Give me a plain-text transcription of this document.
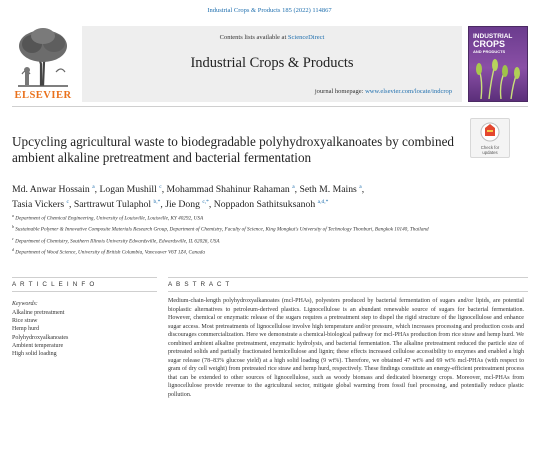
Industrial Crops & Products 185 (2022) 114867
ELSEVIER
Contents lists available at ScienceDirect
Industrial Crops & Products
journal homepage: www.elsevier.com/locate/indcrop
INDUSTRIAL
CROPS
AND PRODUCTS
Upcycling agricultural waste to biodegradable polyhydroxyalkanoates by combined ambient alkaline pretreatment and bacterial fermentation
Check for
updates
Md. Anwar Hossain $^a$, Logan Mushill $^c$, Mohammad Shahinur Rahaman $^a$, Seth M. Mains $^a$,
Tasia Vickers $^c$, Sarttrawut Tulaphol $^{b,*}$, Jie Dong $^{c,*}$, Noppadon Sathitsuksanoh $^{a,d,*}$
$^a$ Department of Chemical Engineering, University of Louisville, Louisville, KY 40292, USA
$^b$ Sustainable Polymer & Innovative Composite Materials Research Group, Department of Chemistry, Faculty of Science, King Mongkut's University of Technology Thonburi, Bangkok 10140, Thailand
$^c$ Department of Chemistry, Southern Illinois University Edwardsville, Edwardsville, IL 62026, USA
$^d$ Department of Wood Science, University of British Columbia, Vancouver V6T 1Z4, Canada
A R T I C L E I N F O	A B S T R A C T
Keywords:
Alkaline pretreatment
Rice straw
Hemp hurd
Polyhydroxyalkanoates
Ambient temperature
High solid loading
Medium-chain-length polyhydroxyalkanoates (mcl-PHAs), polyesters produced by bacterial fermentation of sugars and/or lipids, are potential bioplastic alternatives to petroleum-derived plastics. Lignocellulose is an abundant renewable source of sugars for bacterial fermentation. However, chemical or enzymatic release of the sugars requires a pretreatment step to dispel the rigid structure of the lignocellulose and enhance sugar access. Most pretreatments of lignocellulose involve high temperature and/or pressure, which increases processing and production costs and discourages commercialization. Here we demonstrate a chemical-biological pathway for mcl-PHAs production from rice straw and hemp hurd. We combined ambient alkaline pretreatment, enzymatic hydrolysis, and bacterial fermentation. The alkaline pretreatment reduced the particle size of pretreated solids and partially fractionated hemicellulose and lignin; these effects increased cellulose accessibility to enzymes and enabled a high sugar release (78–83% glucose yield) at a high solid loading (9 wt%). Therefore, we obtained 47 wt% and 69 wt% mcl-PHAs (with respect to gram of dry cell weight) from pretreated rice straw and hemp hurd, respectively. These findings constitute an energy-efficient pretreatment process that can be extended to other sources of lignocellulose, such as woody biomass and dedicated bioenergy crops. Moreover, mcl-PHAs from lignocellulose provide revenue to the agricultural sector, mitigate global warming from fossil fuel processing, and potentially reduce plastic pollution.
